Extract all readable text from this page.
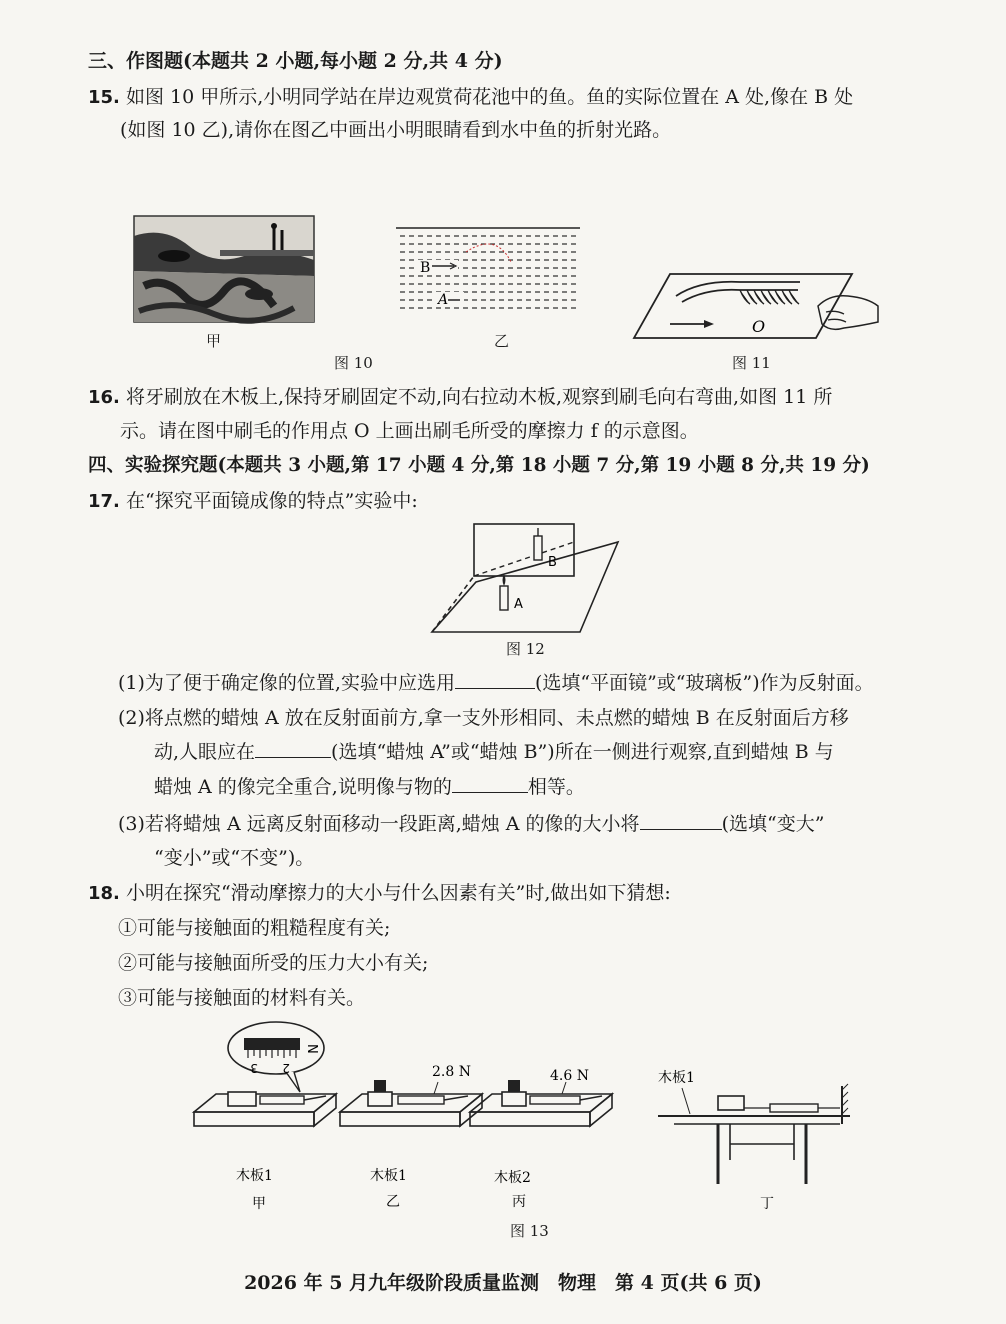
三、作图题(本题共 2 小题,每小题 2 分,共 4 分)
15. 如图 10 甲所示,小明同学站在岸边观赏荷花池中的鱼。鱼的实际位置在 A 处,像在 B 处
(如图 10 乙),请你在图乙中画出小明眼睛看到水中鱼的折射光路。
甲
B
A
乙
图 10
O
图 11
16. 将牙刷放在木板上,保持牙刷固定不动,向右拉动木板,观察到刷毛向右弯曲,如图 11 所
示。请在图中刷毛的作用点 O 上画出刷毛所受的摩擦力 f 的示意图。
四、实验探究题(本题共 3 小题,第 17 小题 4 分,第 18 小题 7 分,第 19 小题 8 分,共 19 分)
17. 在“探究平面镜成像的特点”实验中:
B
A
图 12
(1)为了便于确定像的位置,实验中应选用	(选填“平面镜”或“玻璃板”)作为反射面。
(2)将点燃的蜡烛 A 放在反射面前方,拿一支外形相同、未点燃的蜡烛 B 在反射面后方移
动,人眼应在	(选填“蜡烛 A”或“蜡烛 B”)所在一侧进行观察,直到蜡烛 B 与
蜡烛 A 的像完全重合,说明像与物的	相等。
(3)若将蜡烛 A 远离反射面移动一段距离,蜡烛 A 的像的大小将	(选填“变大”
“变小”或“不变”)。
18. 小明在探究“滑动摩擦力的大小与什么因素有关”时,做出如下猜想:
①可能与接触面的粗糙程度有关;
②可能与接触面所受的压力大小有关;
③可能与接触面的材料有关。
N
3 2	2.8 N	4.6 N
木板1	木板1	木板2
木板1
甲	乙	丙	丁
图 13
2026 年 5 月九年级阶段质量监测　物理　第 4 页(共 6 页)
